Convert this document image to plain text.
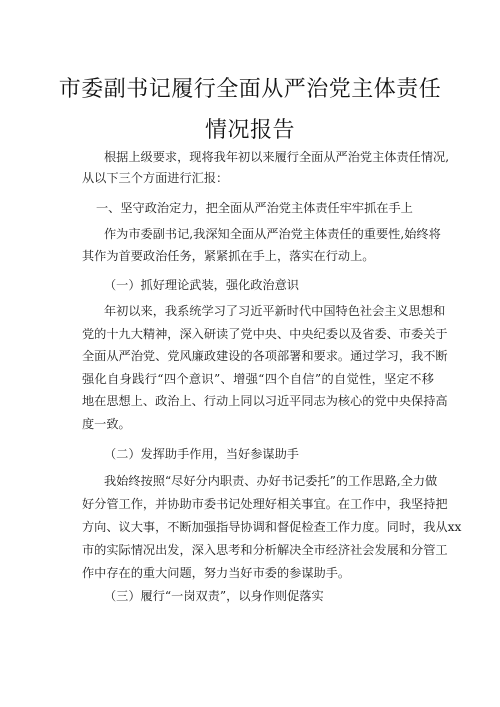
市委副书记履行全面从严治党主体责任
情况报告
根据上级要求，现将我年初以来履行全面从严治党主体责任情况,
从以下三个方面进行汇报：
一、坚守政治定力，把全面从严治党主体责任牢牢抓在手上
作为市委副书记,我深知全面从严治党主体责任的重要性,始终将
其作为首要政治任务，紧紧抓在手上，落实在行动上。
（一）抓好理论武装，强化政治意识
年初以来，我系统学习了习近平新时代中国特色社会主义思想和
党的十九大精神，深入研读了党中央、中央纪委以及省委、市委关于
全面从严治党、党风廉政建设的各项部署和要求。通过学习，我不断
强化自身践行“四个意识”、增强“四个自信”的自觉性，坚定不移
地在思想上、政治上、行动上同以习近平同志为核心的党中央保持高
度一致。
（二）发挥助手作用，当好参谋助手
我始终按照“尽好分内职责、办好书记委托”的工作思路,全力做
好分管工作，并协助市委书记处理好相关事宜。在工作中，我坚持把
方向、议大事，不断加强指导协调和督促检查工作力度。同时，我从xx
市的实际情况出发，深入思考和分析解决全市经济社会发展和分管工
作中存在的重大问题，努力当好市委的参谋助手。
（三）履行“一岗双责”，以身作则促落实
